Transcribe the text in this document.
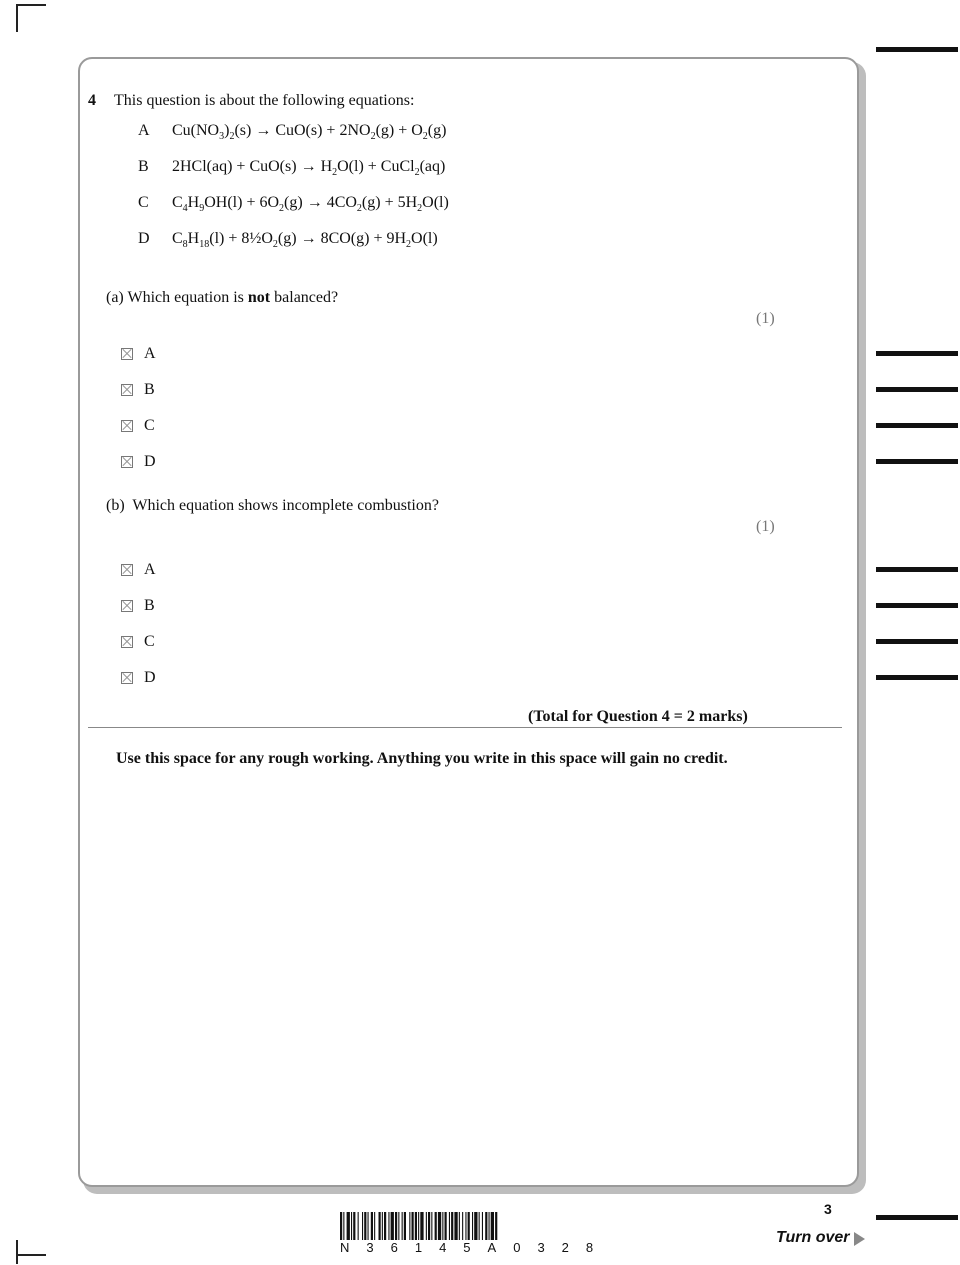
4 This question is about the following equations:
A $Cu(NO_3)_2(s) \to CuO(s) + 2NO_2(g) + O_2(g)$
B $2HCl(aq) + CuO(s) \to H_2O(l)$ + CuCl$_2$(aq)
C $C_4H_9OH(l) + 6O_2(g) \to 4CO_2(g) + 5H_2O(l)$
D $C_8H_{18}(l)$ + $8\frac{1}{2}O_2(g) \to 8CO(g) + 9H_2O(l)$
(a) Which equation is not balanced?
(1)
A
B
C
D
(b) Which equation shows incomplete combustion?
(1)
A
B
C
D
(Total for Question 4 = 2 marks)
Use this space for any rough working. Anything you write in this space will gain no credit.
N36145A0328
3
Turn over
